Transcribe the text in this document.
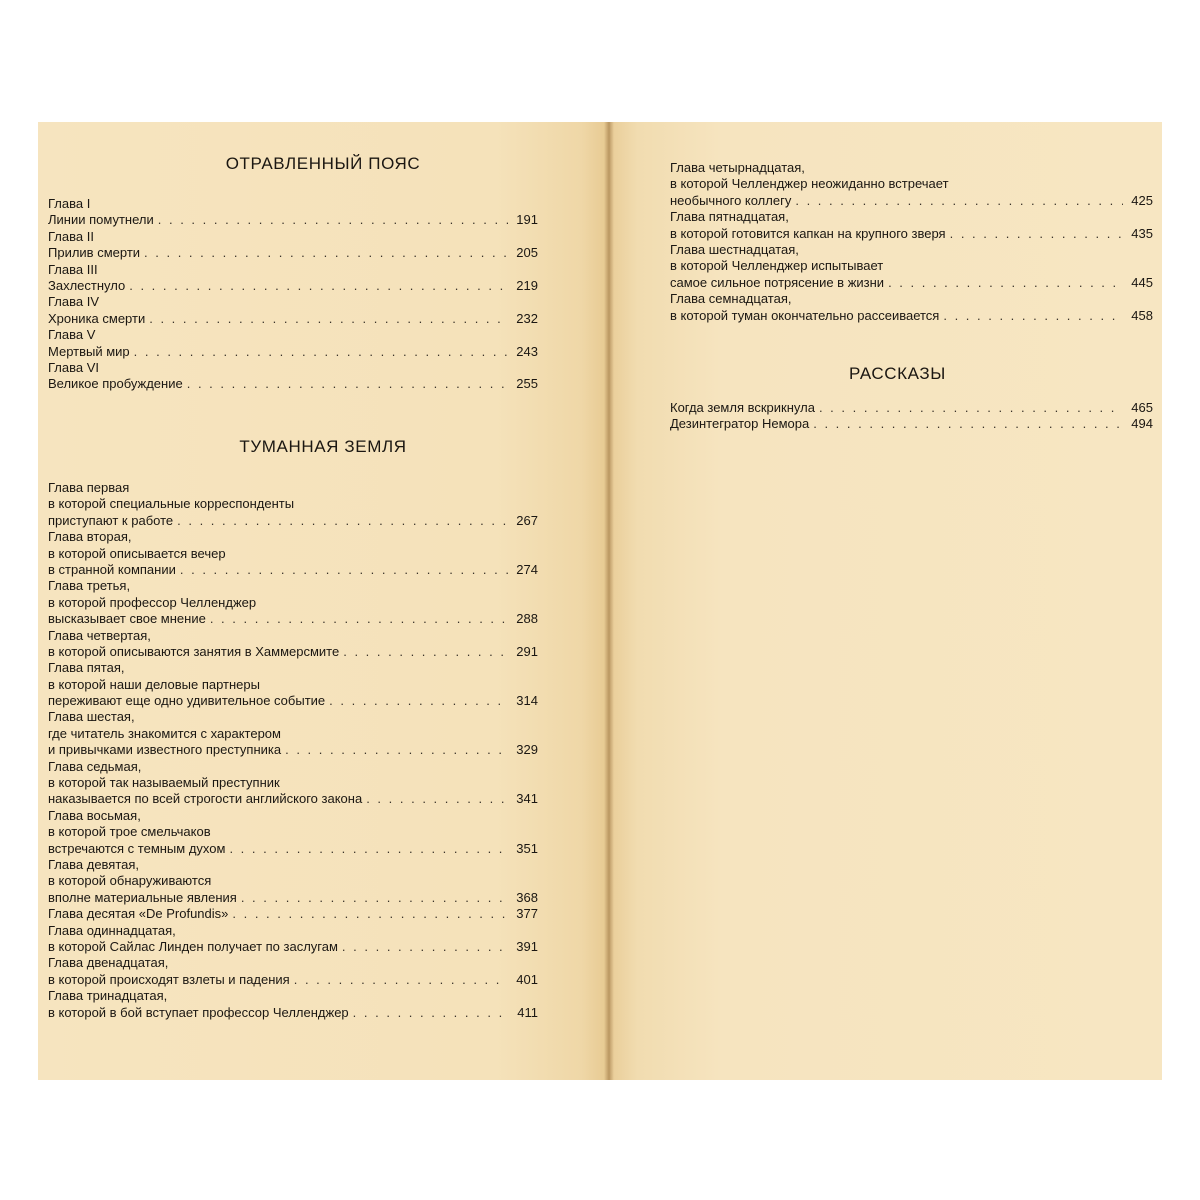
ОТРАВЛЕННЫЙ ПОЯС
Глава I
Линии помутнели . . .	191
Глава II
Прилив смерти . . .	205
Глава III
Захлестнуло . . .	219
Глава IV
Хроника смерти . . .	232
Глава V
Мертвый мир . . .	243
Глава VI
Великое пробуждение . . .	255
ТУМАННАЯ ЗЕМЛЯ
Глава первая
в которой специальные корреспонденты
приступают к работе . . .	267
Глава вторая,
в которой описывается вечер
в странной компании . . .	274
Глава третья,
в которой профессор Челленджер
высказывает свое мнение . . .	288
Глава четвертая,
в которой описываются занятия в Хаммерсмите . . .	291
Глава пятая,
в которой наши деловые партнеры
переживают еще одно удивительное событие . . .	314
Глава шестая,
где читатель знакомится с характером
и привычками известного преступника . . .	329
Глава седьмая,
в которой так называемый преступник
наказывается по всей строгости английского закона . . .	341
Глава восьмая,
в которой трое смельчаков
встречаются с темным духом . . .	351
Глава девятая,
в которой обнаруживаются
вполне материальные явления . . .	368
Глава десятая «De Profundis» . . .	377
Глава одиннадцатая,
в которой Сайлас Линден получает по заслугам . . .	391
Глава двенадцатая,
в которой происходят взлеты и падения . . .	401
Глава тринадцатая,
в которой в бой вступает профессор Челленджер . . .	411
Глава четырнадцатая,
в которой Челленджер неожиданно встречает
необычного коллегу . . .	425
Глава пятнадцатая,
в которой готовится капкан на крупного зверя . . .	435
Глава шестнадцатая,
в которой Челленджер испытывает
самое сильное потрясение в жизни . . .	445
Глава семнадцатая,
в которой туман окончательно рассеивается . . .	458
РАССКАЗЫ
Когда земля вскрикнула . . .	465
Дезинтегратор Немора . . .	494
